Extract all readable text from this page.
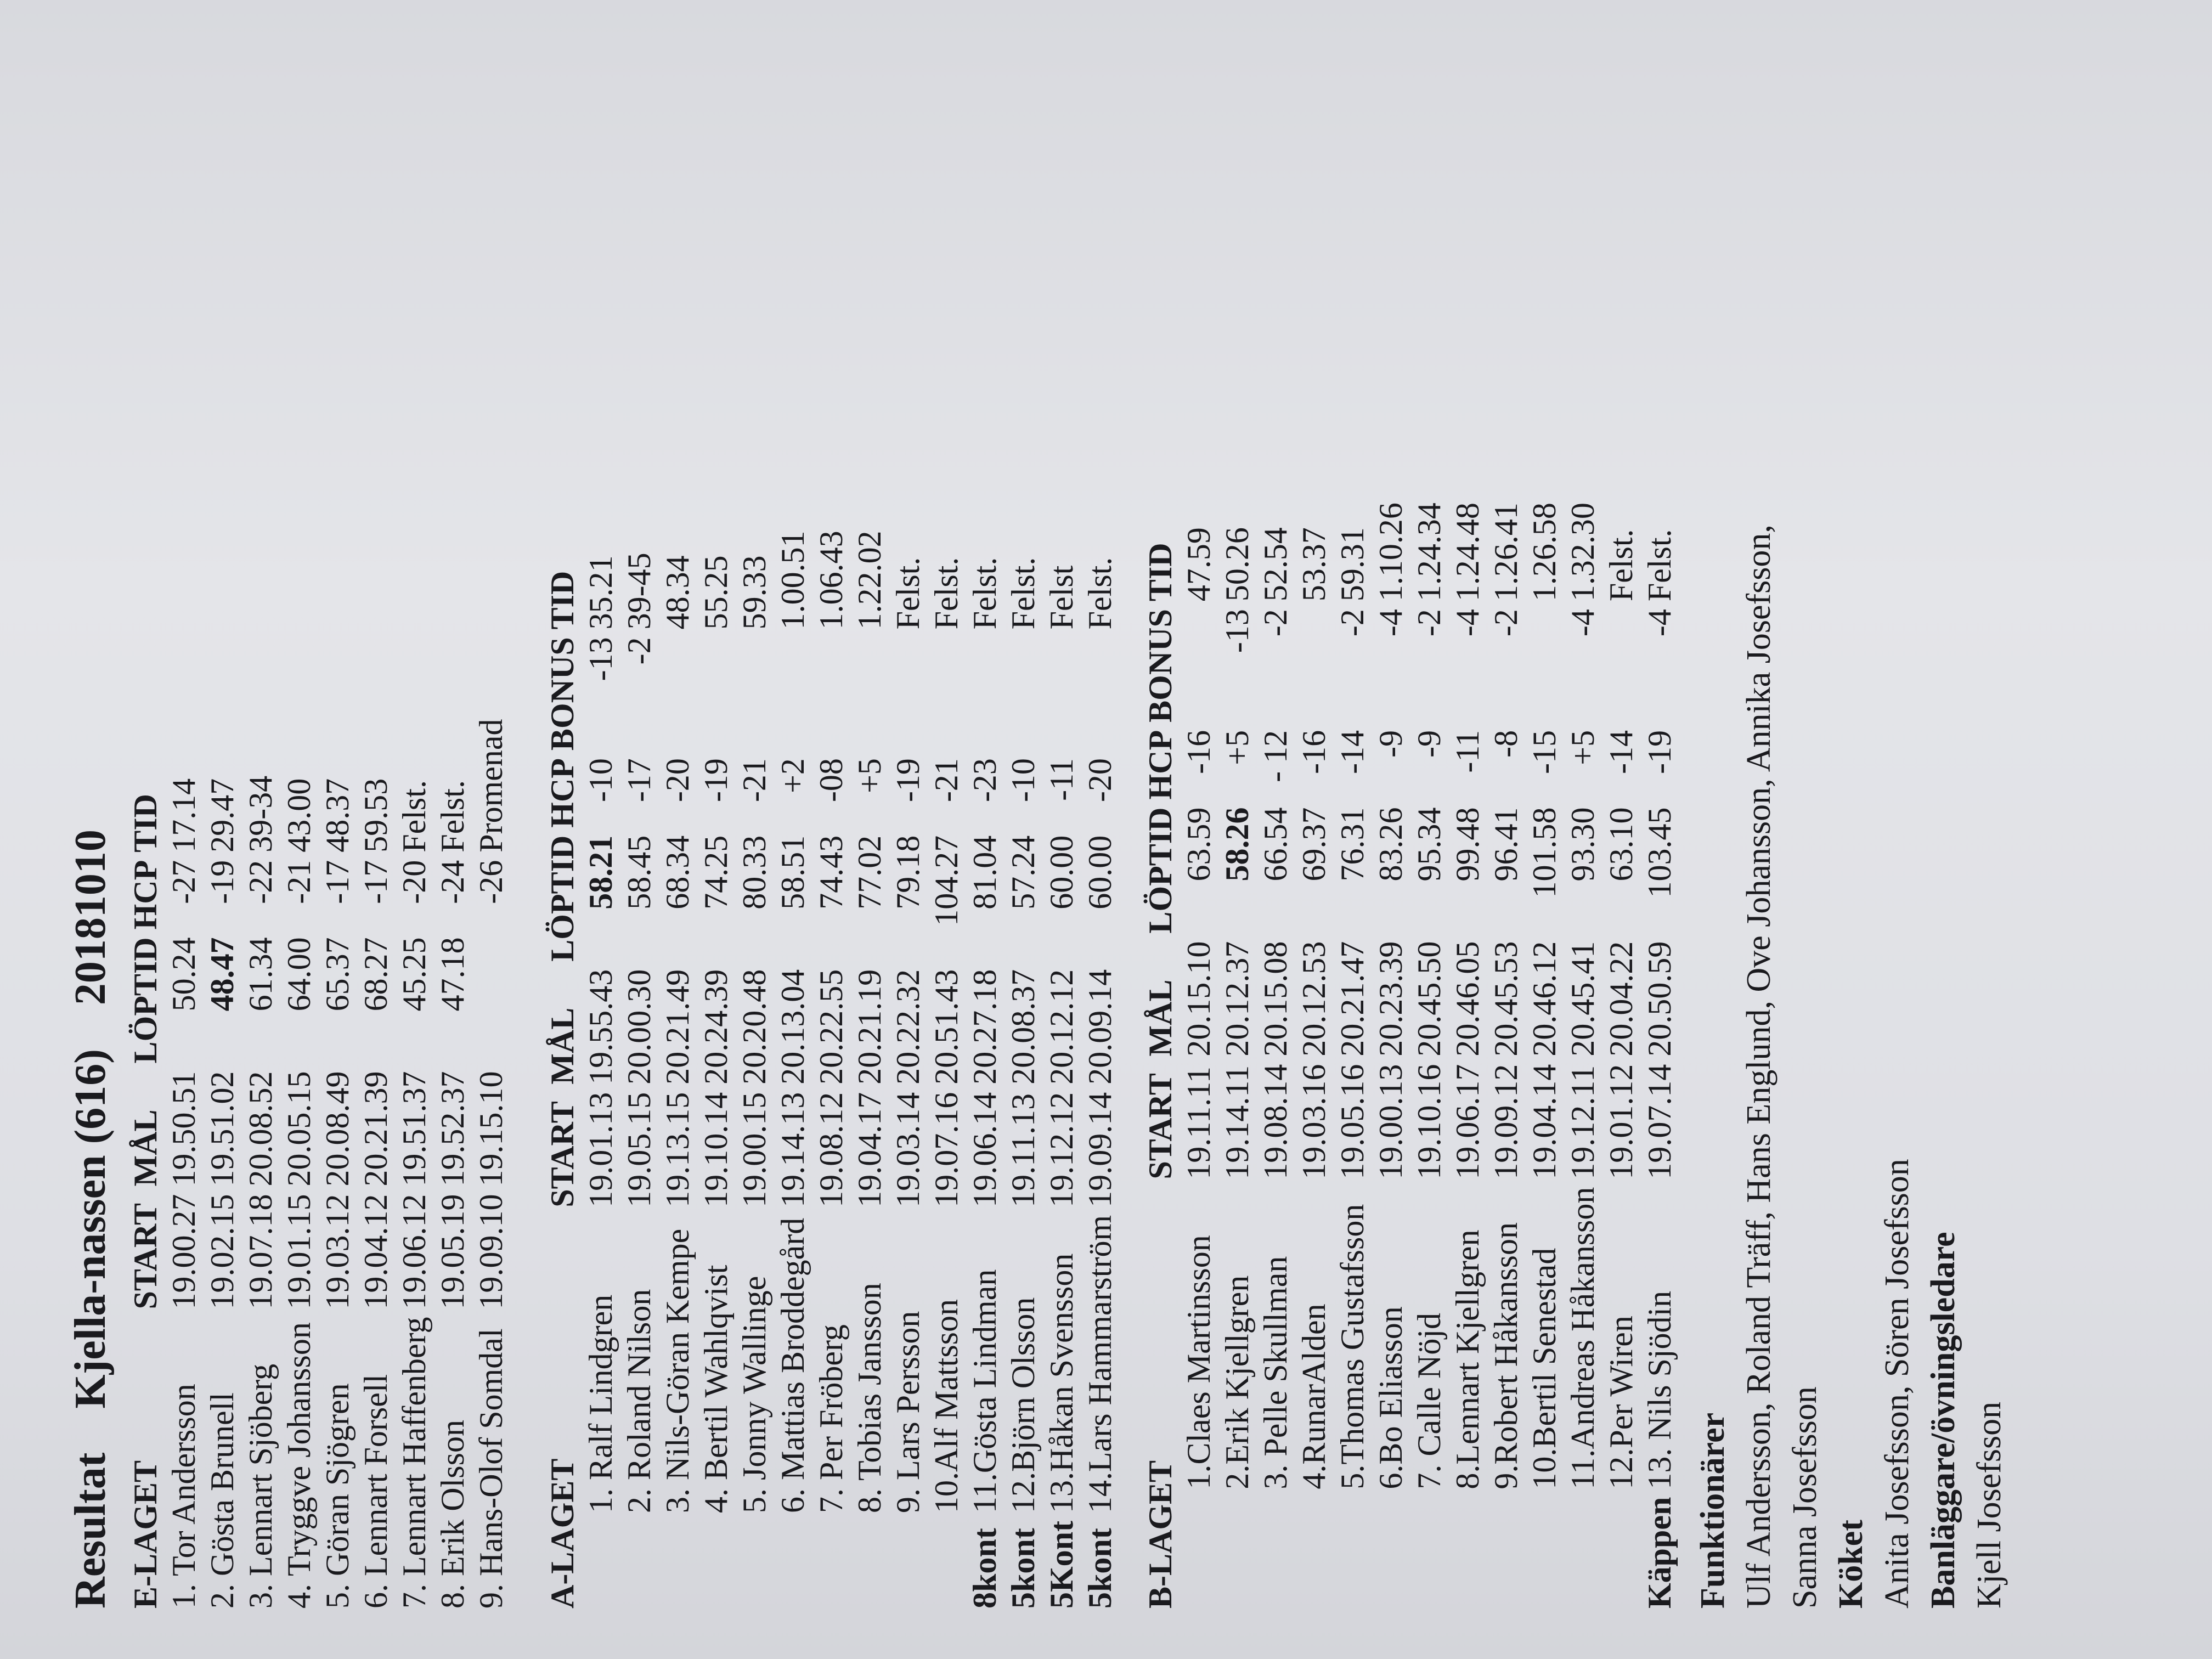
Resultat Kjella-nassen (616) 20181010
E-LAGET		START	MÅL	LÖPTID	HCP	TID
1.	Tor Andersson	19.00.27	19.50.51	50.24	-27	17.14
2.	Gösta Brunell	19.02.15	19.51.02	48.47	-19	29.47
3.	Lennart Sjöberg	19.07.18	20.08.52	61.34	-22	39-34
4.	Tryggve Johansson	19.01.15	20.05.15	64.00	-21	43.00
5.	Göran Sjögren	19.03.12	20.08.49	65.37	-17	48.37
6.	Lennart Forsell	19.04.12	20.21.39	68.27	-17	59.53
7.	Lennart Haffenberg	19.06.12	19.51.37	45.25	-20	Felst.
8.	Erik Olsson	19.05.19	19.52.37	47.18	-24	Felst.
9.	Hans-Olof Somdal	19.09.10	19.15.10		-26	Promenad
A-LAGET		START	MÅL	LÖPTID	HCP	BONUS	TID
	1. Ralf Lindgren	19.01.13	19.55.43	58.21	-10	-13	35.21
	2. Roland Nilson	19.05.15	20.00.30	58.45	-17	-2	39-45
	3. Nils-Göran Kempe	19.13.15	20.21.49	68.34	-20		48.34
	4. Bertil Wahlqvist	19.10.14	20.24.39	74.25	-19		55.25
	5. Jonny Wallinge	19.00.15	20.20.48	80.33	-21		59.33
	6. Mattias Broddegård	19.14.13	20.13.04	58.51	+2		1.00.51
	7. Per Fröberg	19.08.12	20.22.55	74.43	-08		1.06.43
	8. Tobias Jansson	19.04.17	20.21.19	77.02	+5		1.22.02
	9. Lars Persson	19.03.14	20.22.32	79.18	-19		Felst.
	10.Alf Mattsson	19.07.16	20.51.43	104.27	-21		Felst.
8kont	11.Gösta Lindman	19.06.14	20.27.18	81.04	-23		Felst.
5kont	12.Björn Olsson	19.11.13	20.08.37	57.24	-10		Felst.
5Kont	13.Håkan Svensson	19.12.12	20.12.12	60.00	-11		Felst
5kont	14.Lars Hammarström	19.09.14	20.09.14	60.00	-20		Felst.
B-LAGET		START	MÅL	LÖPTID	HCP	BONUS	TID
	1.Claes Martinsson	19.11.11	20.15.10	63.59	-16		47.59
	2.Erik Kjellgren	19.14.11	20.12.37	58.26	+5	-13	50.26
	3. Pelle Skullman	19.08.14	20.15.08	66.54	- 12	-2	52.54
	4.RunarAlden	19.03.16	20.12.53	69.37	-16		53.37
	5.Thomas Gustafsson	19.05.16	20.21.47	76.31	-14	-2	59.31
	6.Bo Eliasson	19.00.13	20.23.39	83.26	-9	-4	1.10.26
	7. Calle Nöjd	19.10.16	20.45.50	95.34	-9	-2	1.24.34
	8.Lennart Kjellgren	19.06.17	20.46.05	99.48	-11	-4	1.24.48
	9.Robert Håkansson	19.09.12	20.45.53	96.41	-8	-2	1.26.41
	10.Bertil Senestad	19.04.14	20.46.12	101.58	-15		1.26.58
	11.Andreas Håkansson	19.12.11	20.45.41	93.30	+5	-4	1.32.30
	12.Per Wiren	19.01.12	20.04.22	63.10	-14		Felst.
Käppen	13. Nils Sjödin	19.07.14	20.50.59	103.45	-19	-4	Felst.
Funktionärer Ulf Andersson, Roland Träff, Hans Englund, Ove Johansson, Annika Josefsson, Sanna Josefsson Köket Anita Josefsson, Sören Josefsson Banläggare/övningsledare Kjell Josefsson
